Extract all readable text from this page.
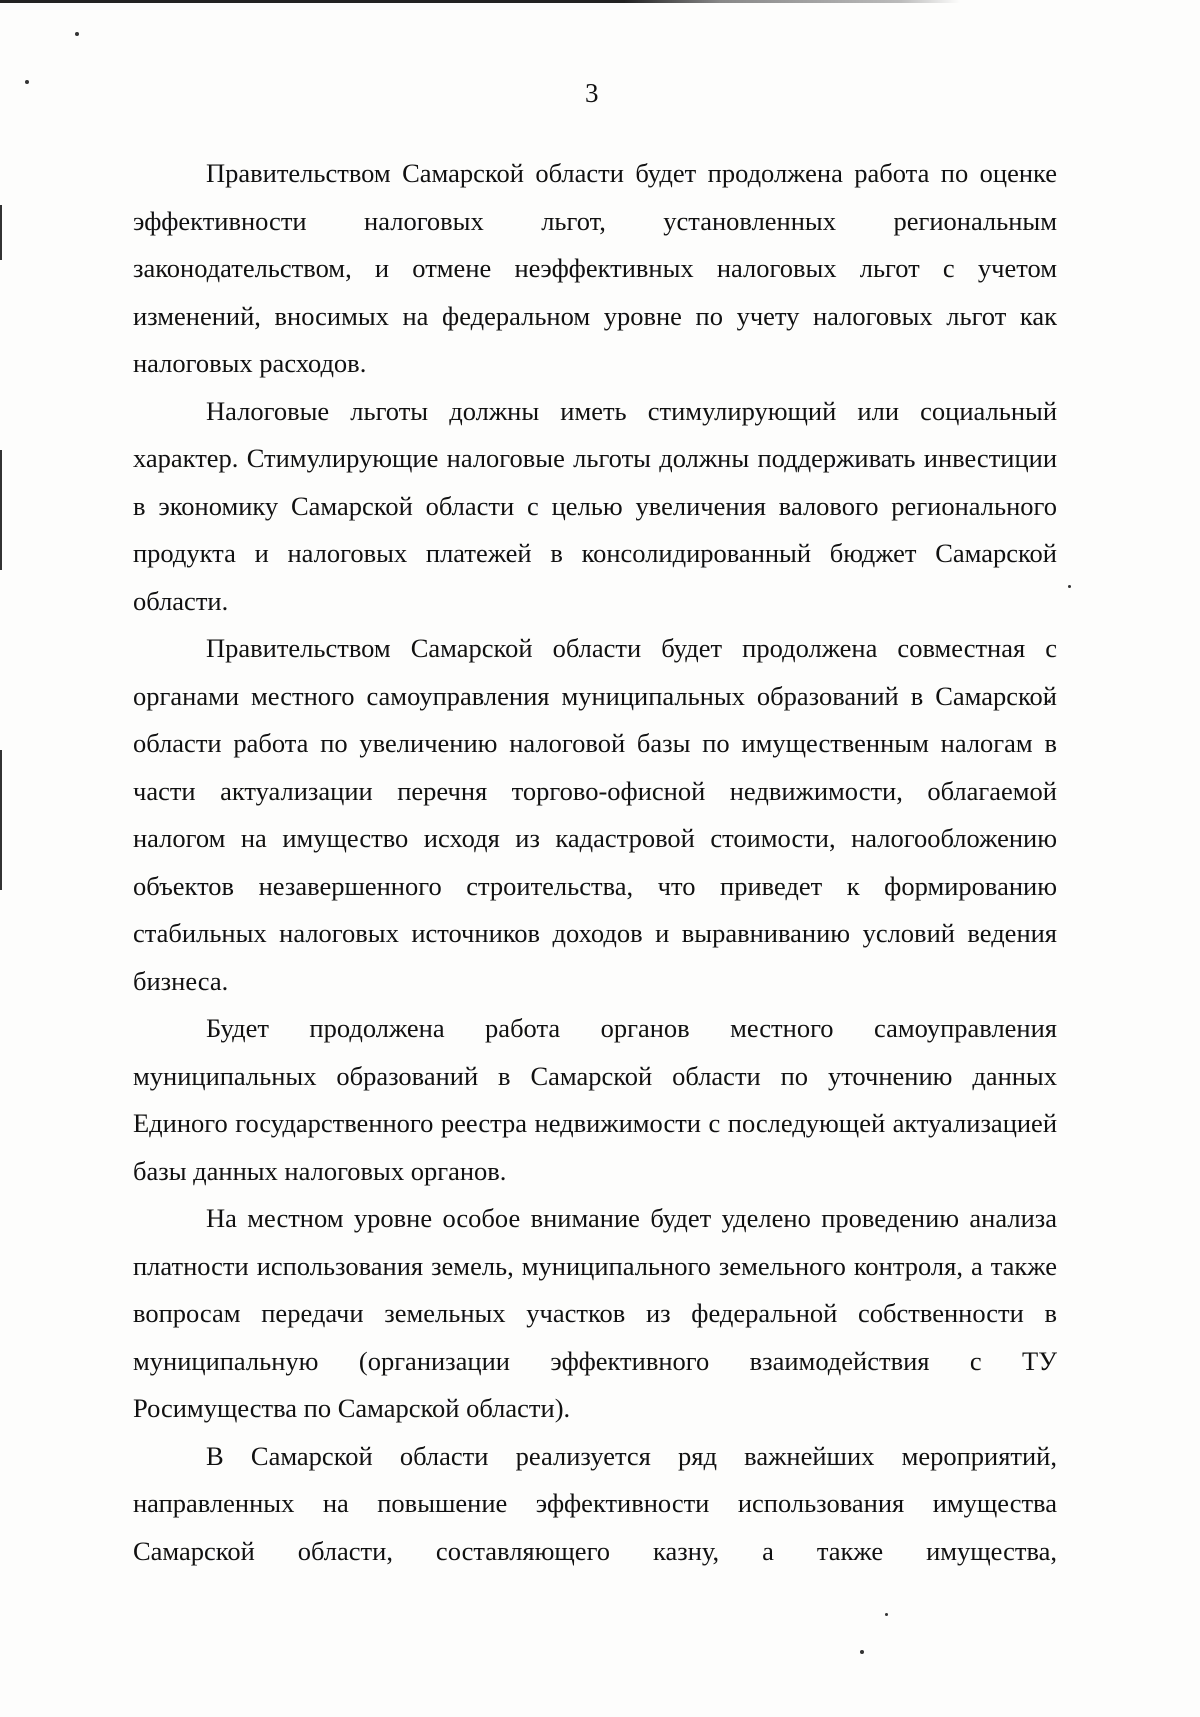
3

Правительством Самарской области будет продолжена работа по оценке эффективности налоговых льгот, установленных региональным законодательством, и отмене неэффективных налоговых льгот с учетом изменений, вносимых на федеральном уровне по учету налоговых льгот как налоговых расходов.

Налоговые льготы должны иметь стимулирующий или социальный характер. Стимулирующие налоговые льготы должны поддерживать инвестиции в экономику Самарской области с целью увеличения валового регионального продукта и налоговых платежей в консолидированный бюджет Самарской области.

Правительством Самарской области будет продолжена совместная с органами местного самоуправления муниципальных образований в Самарской области работа по увеличению налоговой базы по имущественным налогам в части актуализации перечня торгово-офисной недвижимости, облагаемой налогом на имущество исходя из кадастровой стоимости, налогообложению объектов незавершенного строительства, что приведет к формированию стабильных налоговых источников доходов и выравниванию условий ведения бизнеса.

Будет продолжена работа органов местного самоуправления муниципальных образований в Самарской области по уточнению данных Единого государственного реестра недвижимости с последующей актуализацией базы данных налоговых органов.

На местном уровне особое внимание будет уделено проведению анализа платности использования земель, муниципального земельного контроля, а также вопросам передачи земельных участков из федеральной собственности в муниципальную (организации эффективного взаимодействия с ТУ Росимущества по Самарской области).

В Самарской области реализуется ряд важнейших мероприятий, направленных на повышение эффективности использования имущества Самарской области, составляющего казну, а также имущества,
